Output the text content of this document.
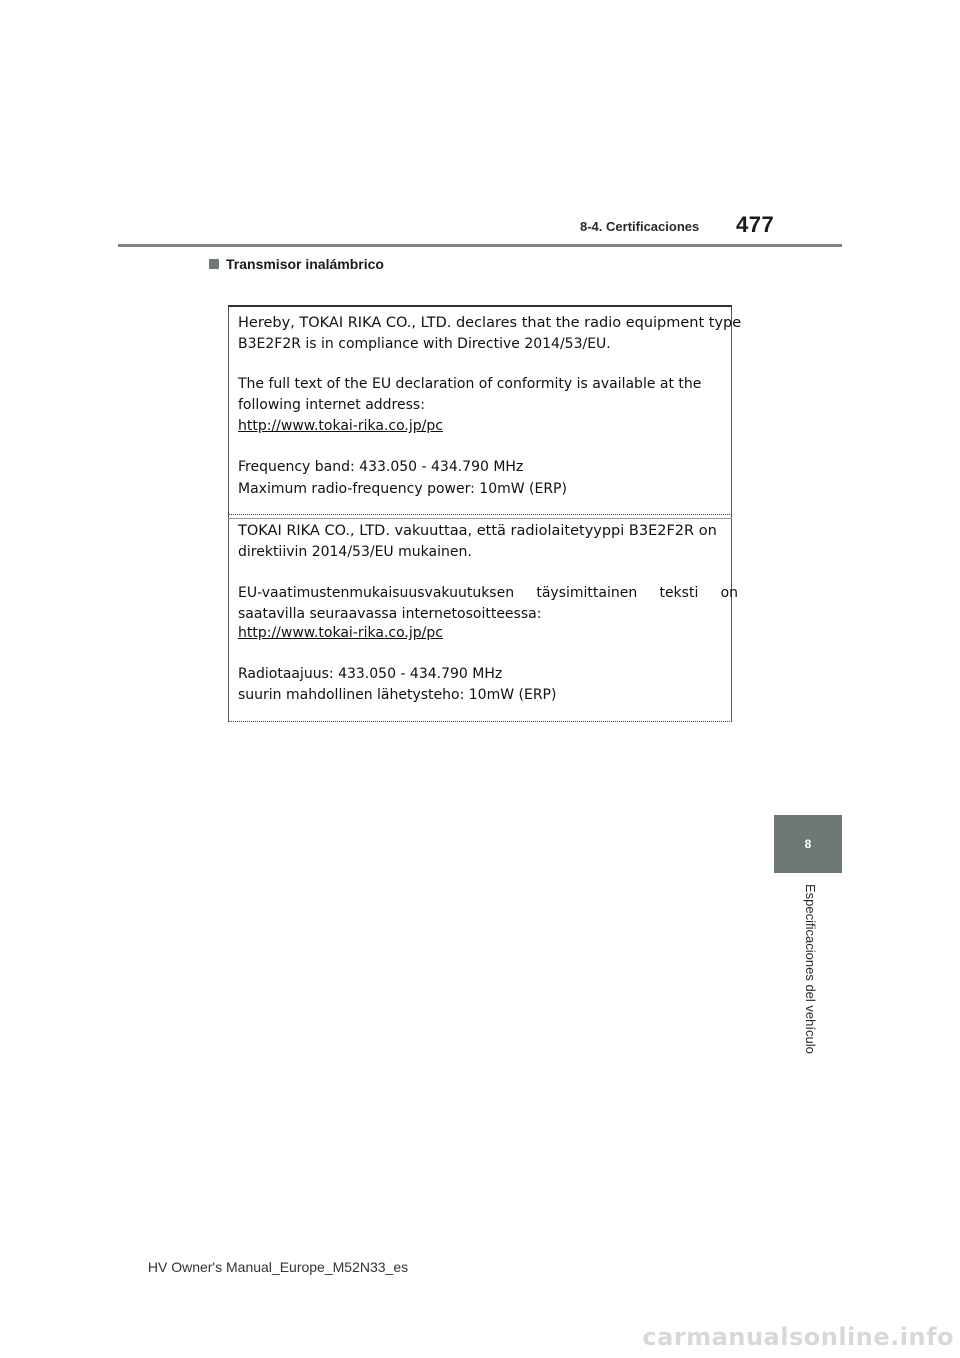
8-4. Certificaciones 477
Transmisor inalámbrico
Hereby, TOKAI RIKA CO., LTD. declares that the radio equipment type
B3E2F2R is in compliance with Directive 2014/53/EU.
The full text of the EU declaration of conformity is available at the
following internet address:
http://www.tokai-rika.co.jp/pc
Frequency band: 433.050 - 434.790 MHz
Maximum radio-frequency power: 10mW (ERP)
TOKAI RIKA CO., LTD. vakuuttaa, että radiolaitetyyppi B3E2F2R on
direktiivin 2014/53/EU mukainen.
EU-vaatimustenmukaisuusvakuutuksen     täysimittainen     teksti     on
saatavilla seuraavassa internetosoitteessa:
http://www.tokai-rika.co.jp/pc
Radiotaajuus: 433.050 - 434.790 MHz
suurin mahdollinen lähetysteho: 10mW (ERP)
8
Especificaciones del vehículo
HV Owner's Manual_Europe_M52N33_es
carmanualsonline.info
